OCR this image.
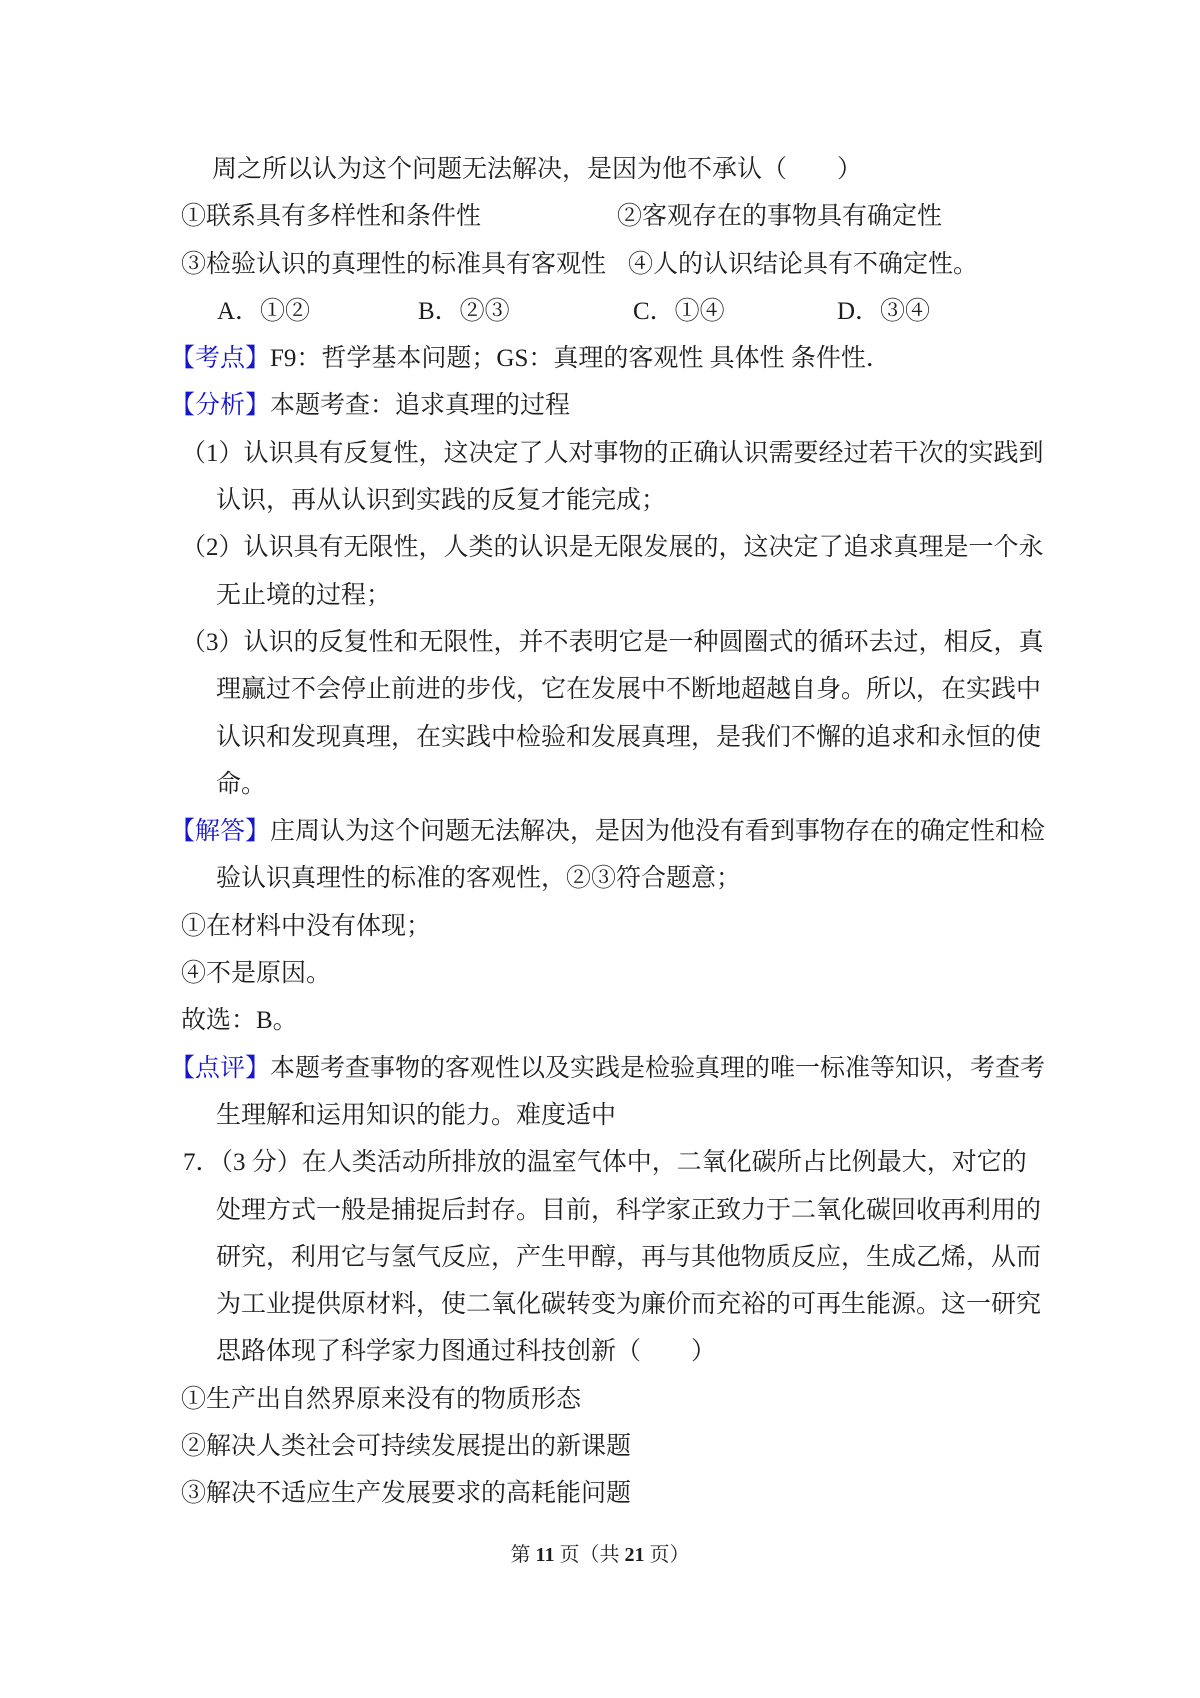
周之所以认为这个问题无法解决，是因为他不承认（　　）
①联系具有多样性和条件性	②客观存在的事物具有确定性
③检验认识的真理性的标准具有客观性 ④人的认识结论具有不确定性。
A．①②	B．②③	C．①④	D．③④
【考点】F9：哲学基本问题；GS：真理的客观性 具体性 条件性．
【分析】本题考查：追求真理的过程
（1）认识具有反复性，这决定了人对事物的正确认识需要经过若干次的实践到
认识，再从认识到实践的反复才能完成；
（2）认识具有无限性，人类的认识是无限发展的，这决定了追求真理是一个永
无止境的过程；
（3）认识的反复性和无限性，并不表明它是一种圆圈式的循环去过，相反，真
理赢过不会停止前进的步伐，它在发展中不断地超越自身。所以，在实践中
认识和发现真理，在实践中检验和发展真理，是我们不懈的追求和永恒的使
命。
【解答】庄周认为这个问题无法解决，是因为他没有看到事物存在的确定性和检
验认识真理性的标准的客观性，②③符合题意；
①在材料中没有体现；
④不是原因。
故选：B。
【点评】本题考查事物的客观性以及实践是检验真理的唯一标准等知识，考查考
生理解和运用知识的能力。难度适中
7．（3 分）在人类活动所排放的温室气体中，二氧化碳所占比例最大，对它的
处理方式一般是捕捉后封存。目前，科学家正致力于二氧化碳回收再利用的
研究，利用它与氢气反应，产生甲醇，再与其他物质反应，生成乙烯，从而
为工业提供原材料，使二氧化碳转变为廉价而充裕的可再生能源。这一研究
思路体现了科学家力图通过科技创新（　　）
①生产出自然界原来没有的物质形态
②解决人类社会可持续发展提出的新课题
③解决不适应生产发展要求的高耗能问题
第 11 页（共 21 页）
